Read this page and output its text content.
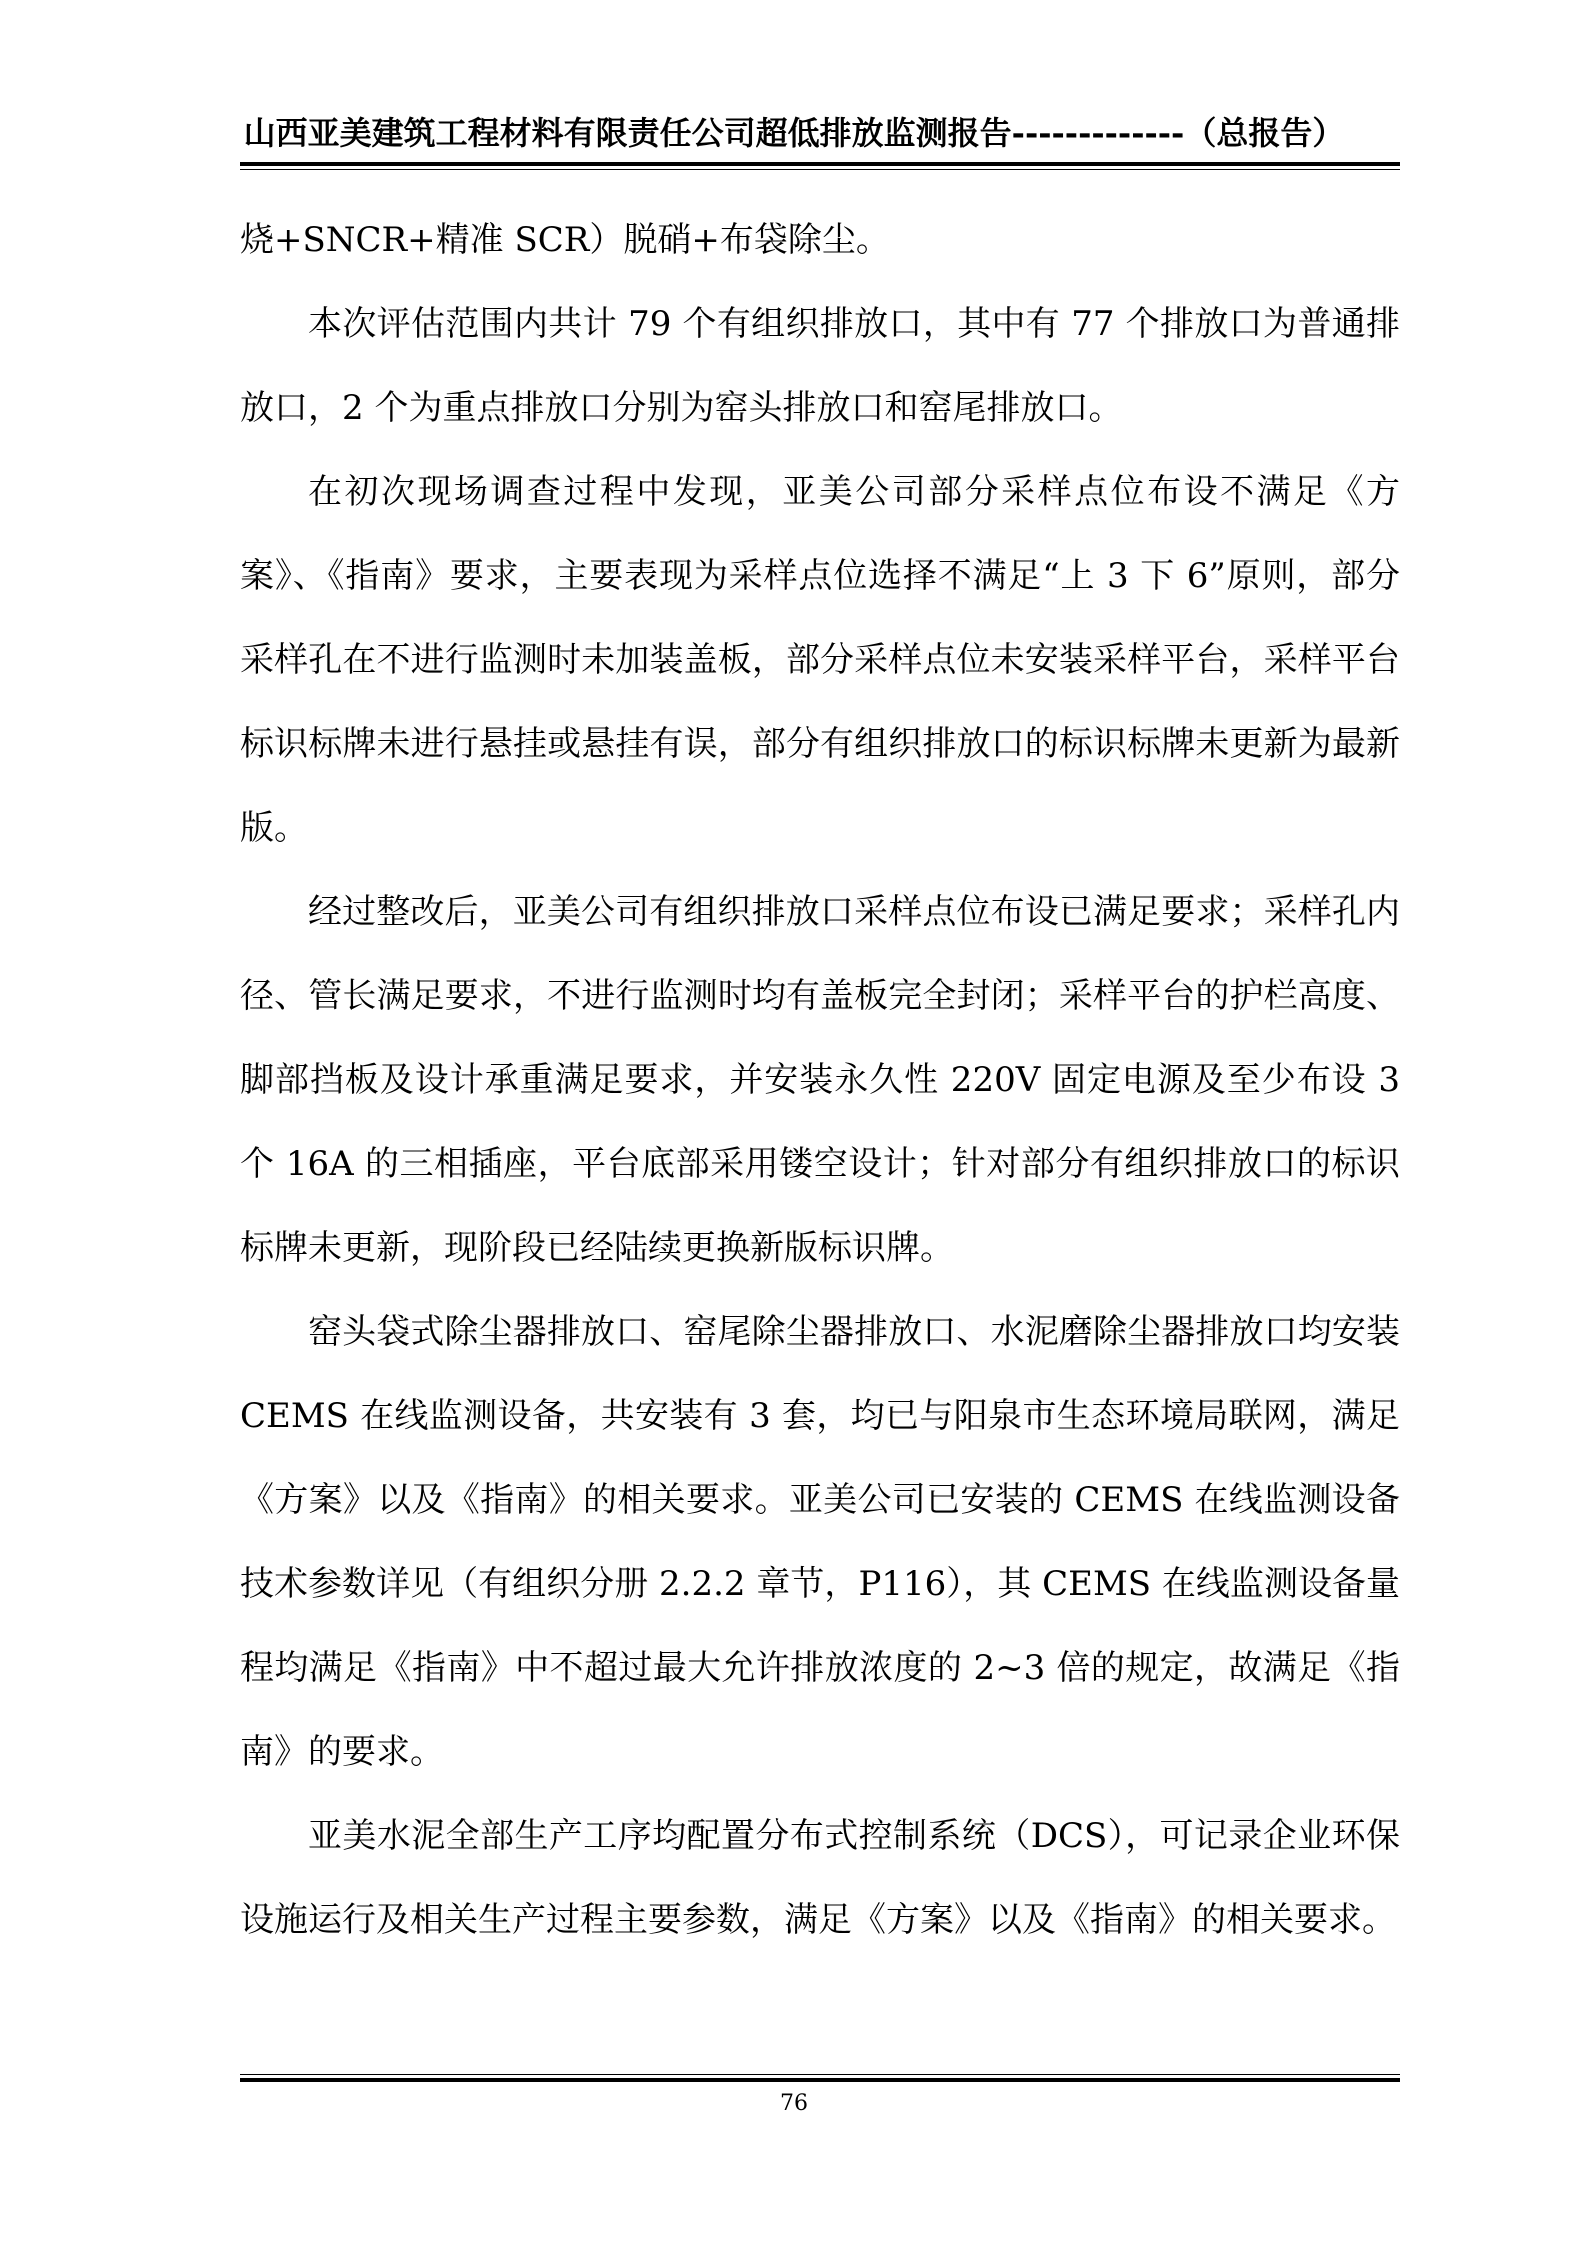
山西亚美建筑工程材料有限责任公司超低排放监测报告-------------（总报告）

烧+SNCR+精准 SCR）脱硝+布袋除尘。

本次评估范围内共计 79 个有组织排放口，其中有 77 个排放口为普通排放口，2 个为重点排放口分别为窑头排放口和窑尾排放口。

在初次现场调查过程中发现，亚美公司部分采样点位布设不满足《方案》、《指南》要求，主要表现为采样点位选择不满足“上 3 下 6”原则，部分采样孔在不进行监测时未加装盖板，部分采样点位未安装采样平台，采样平台标识标牌未进行悬挂或悬挂有误，部分有组织排放口的标识标牌未更新为最新版。

经过整改后，亚美公司有组织排放口采样点位布设已满足要求；采样孔内径、管长满足要求，不进行监测时均有盖板完全封闭；采样平台的护栏高度、脚部挡板及设计承重满足要求，并安装永久性 220V 固定电源及至少布设 3 个 16A 的三相插座，平台底部采用镂空设计；针对部分有组织排放口的标识标牌未更新，现阶段已经陆续更换新版标识牌。

窑头袋式除尘器排放口、窑尾除尘器排放口、水泥磨除尘器排放口均安装 CEMS 在线监测设备，共安装有 3 套，均已与阳泉市生态环境局联网，满足《方案》以及《指南》的相关要求。亚美公司已安装的 CEMS 在线监测设备技术参数详见（有组织分册 2.2.2 章节，P116），其 CEMS 在线监测设备量程均满足《指南》中不超过最大允许排放浓度的 2~3 倍的规定，故满足《指南》的要求。

亚美水泥全部生产工序均配置分布式控制系统（DCS），可记录企业环保设施运行及相关生产过程主要参数，满足《方案》以及《指南》的相关要求。

76
